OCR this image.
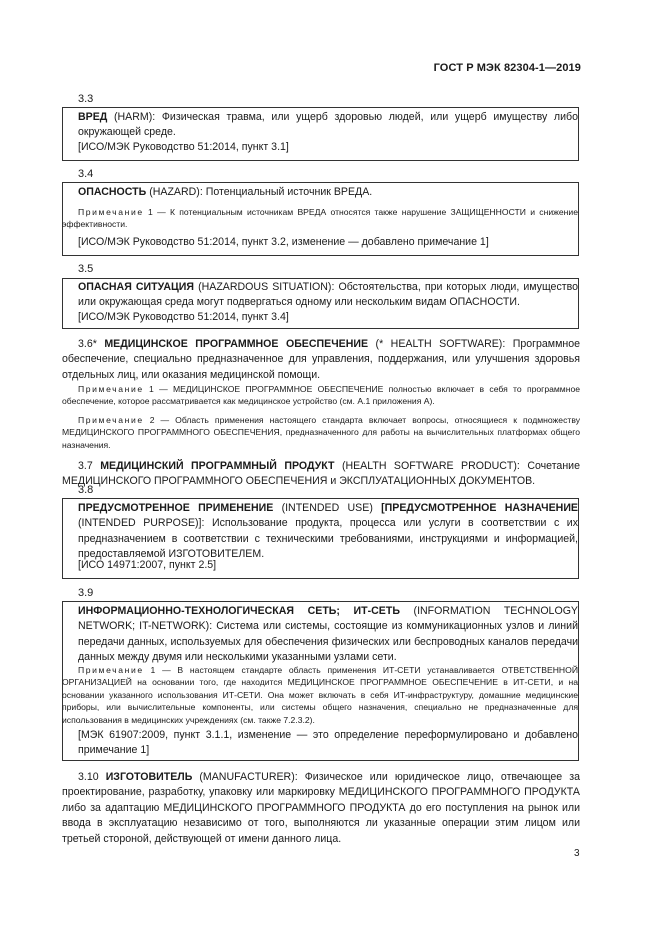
ГОСТ Р МЭК 82304-1—2019
3.3
ВРЕД (HARM): Физическая травма, или ущерб здоровью людей, или ущерб имуществу либо окружающей среде.
[ИСО/МЭК Руководство 51:2014, пункт 3.1]
3.4
ОПАСНОСТЬ (HAZARD): Потенциальный источник ВРЕДА.
Примечание 1 — К потенциальным источникам ВРЕДА относятся также нарушение ЗАЩИЩЕННОСТИ и снижение эффективности.
[ИСО/МЭК Руководство 51:2014, пункт 3.2, изменение — добавлено примечание 1]
3.5
ОПАСНАЯ СИТУАЦИЯ (HAZARDOUS SITUATION): Обстоятельства, при которых люди, имущество или окружающая среда могут подвергаться одному или нескольким видам ОПАСНОСТИ.
[ИСО/МЭК Руководство 51:2014, пункт 3.4]
3.6* МЕДИЦИНСКОЕ ПРОГРАММНОЕ ОБЕСПЕЧЕНИЕ (* HEALTH SOFTWARE): Программное обеспечение, специально предназначенное для управления, поддержания, или улучшения здоровья отдельных лиц, или оказания медицинской помощи.
Примечание 1 — МЕДИЦИНСКОЕ ПРОГРАММНОЕ ОБЕСПЕЧЕНИЕ полностью включает в себя то программное обеспечение, которое рассматривается как медицинское устройство (см. А.1 приложения А).
Примечание 2 — Область применения настоящего стандарта включает вопросы, относящиеся к подмножеству МЕДИЦИНСКОГО ПРОГРАММНОГО ОБЕСПЕЧЕНИЯ, предназначенного для работы на вычислительных платформах общего назначения.
3.7 МЕДИЦИНСКИЙ ПРОГРАММНЫЙ ПРОДУКТ (HEALTH SOFTWARE PRODUCT): Сочетание МЕДИЦИНСКОГО ПРОГРАММНОГО ОБЕСПЕЧЕНИЯ и ЭКСПЛУАТАЦИОННЫХ ДОКУМЕНТОВ.
3.8
ПРЕДУСМОТРЕННОЕ ПРИМЕНЕНИЕ (INTENDED USE) [ПРЕДУСМОТРЕННОЕ НАЗНАЧЕНИЕ (INTENDED PURPOSE)]: Использование продукта, процесса или услуги в соответствии с их предназначением в соответствии с техническими требованиями, инструкциями и информацией, предоставляемой ИЗГОТОВИТЕЛЕМ.
[ИСО 14971:2007, пункт 2.5]
3.9
ИНФОРМАЦИОННО-ТЕХНОЛОГИЧЕСКАЯ СЕТЬ; ИТ-СЕТЬ (INFORMATION TECHNOLOGY NETWORK; IT-NETWORK): Система или системы, состоящие из коммуникационных узлов и линий передачи данных, используемых для обеспечения физических или беспроводных каналов передачи данных между двумя или несколькими указанными узлами сети.
Примечание 1 — В настоящем стандарте область применения ИТ-СЕТИ устанавливается ОТВЕТСТВЕННОЙ ОРГАНИЗАЦИЕЙ на основании того, где находится МЕДИЦИНСКОЕ ПРОГРАММНОЕ ОБЕСПЕЧЕНИЕ в ИТ-СЕТИ, и на основании указанного использования ИТ-СЕТИ. Она может включать в себя ИТ-инфраструктуру, домашние медицинские приборы, или вычислительные компоненты, или системы общего назначения, специально не предназначенные для использования в медицинских учреждениях (см. также 7.2.3.2).
[МЭК 61907:2009, пункт 3.1.1, изменение — это определение переформулировано и добавлено примечание 1]
3.10 ИЗГОТОВИТЕЛЬ (MANUFACTURER): Физическое или юридическое лицо, отвечающее за проектирование, разработку, упаковку или маркировку МЕДИЦИНСКОГО ПРОГРАММНОГО ПРОДУКТА либо за адаптацию МЕДИЦИНСКОГО ПРОГРАММНОГО ПРОДУКТА до его поступления на рынок или ввода в эксплуатацию независимо от того, выполняются ли указанные операции этим лицом или третьей стороной, действующей от имени данного лица.
3
